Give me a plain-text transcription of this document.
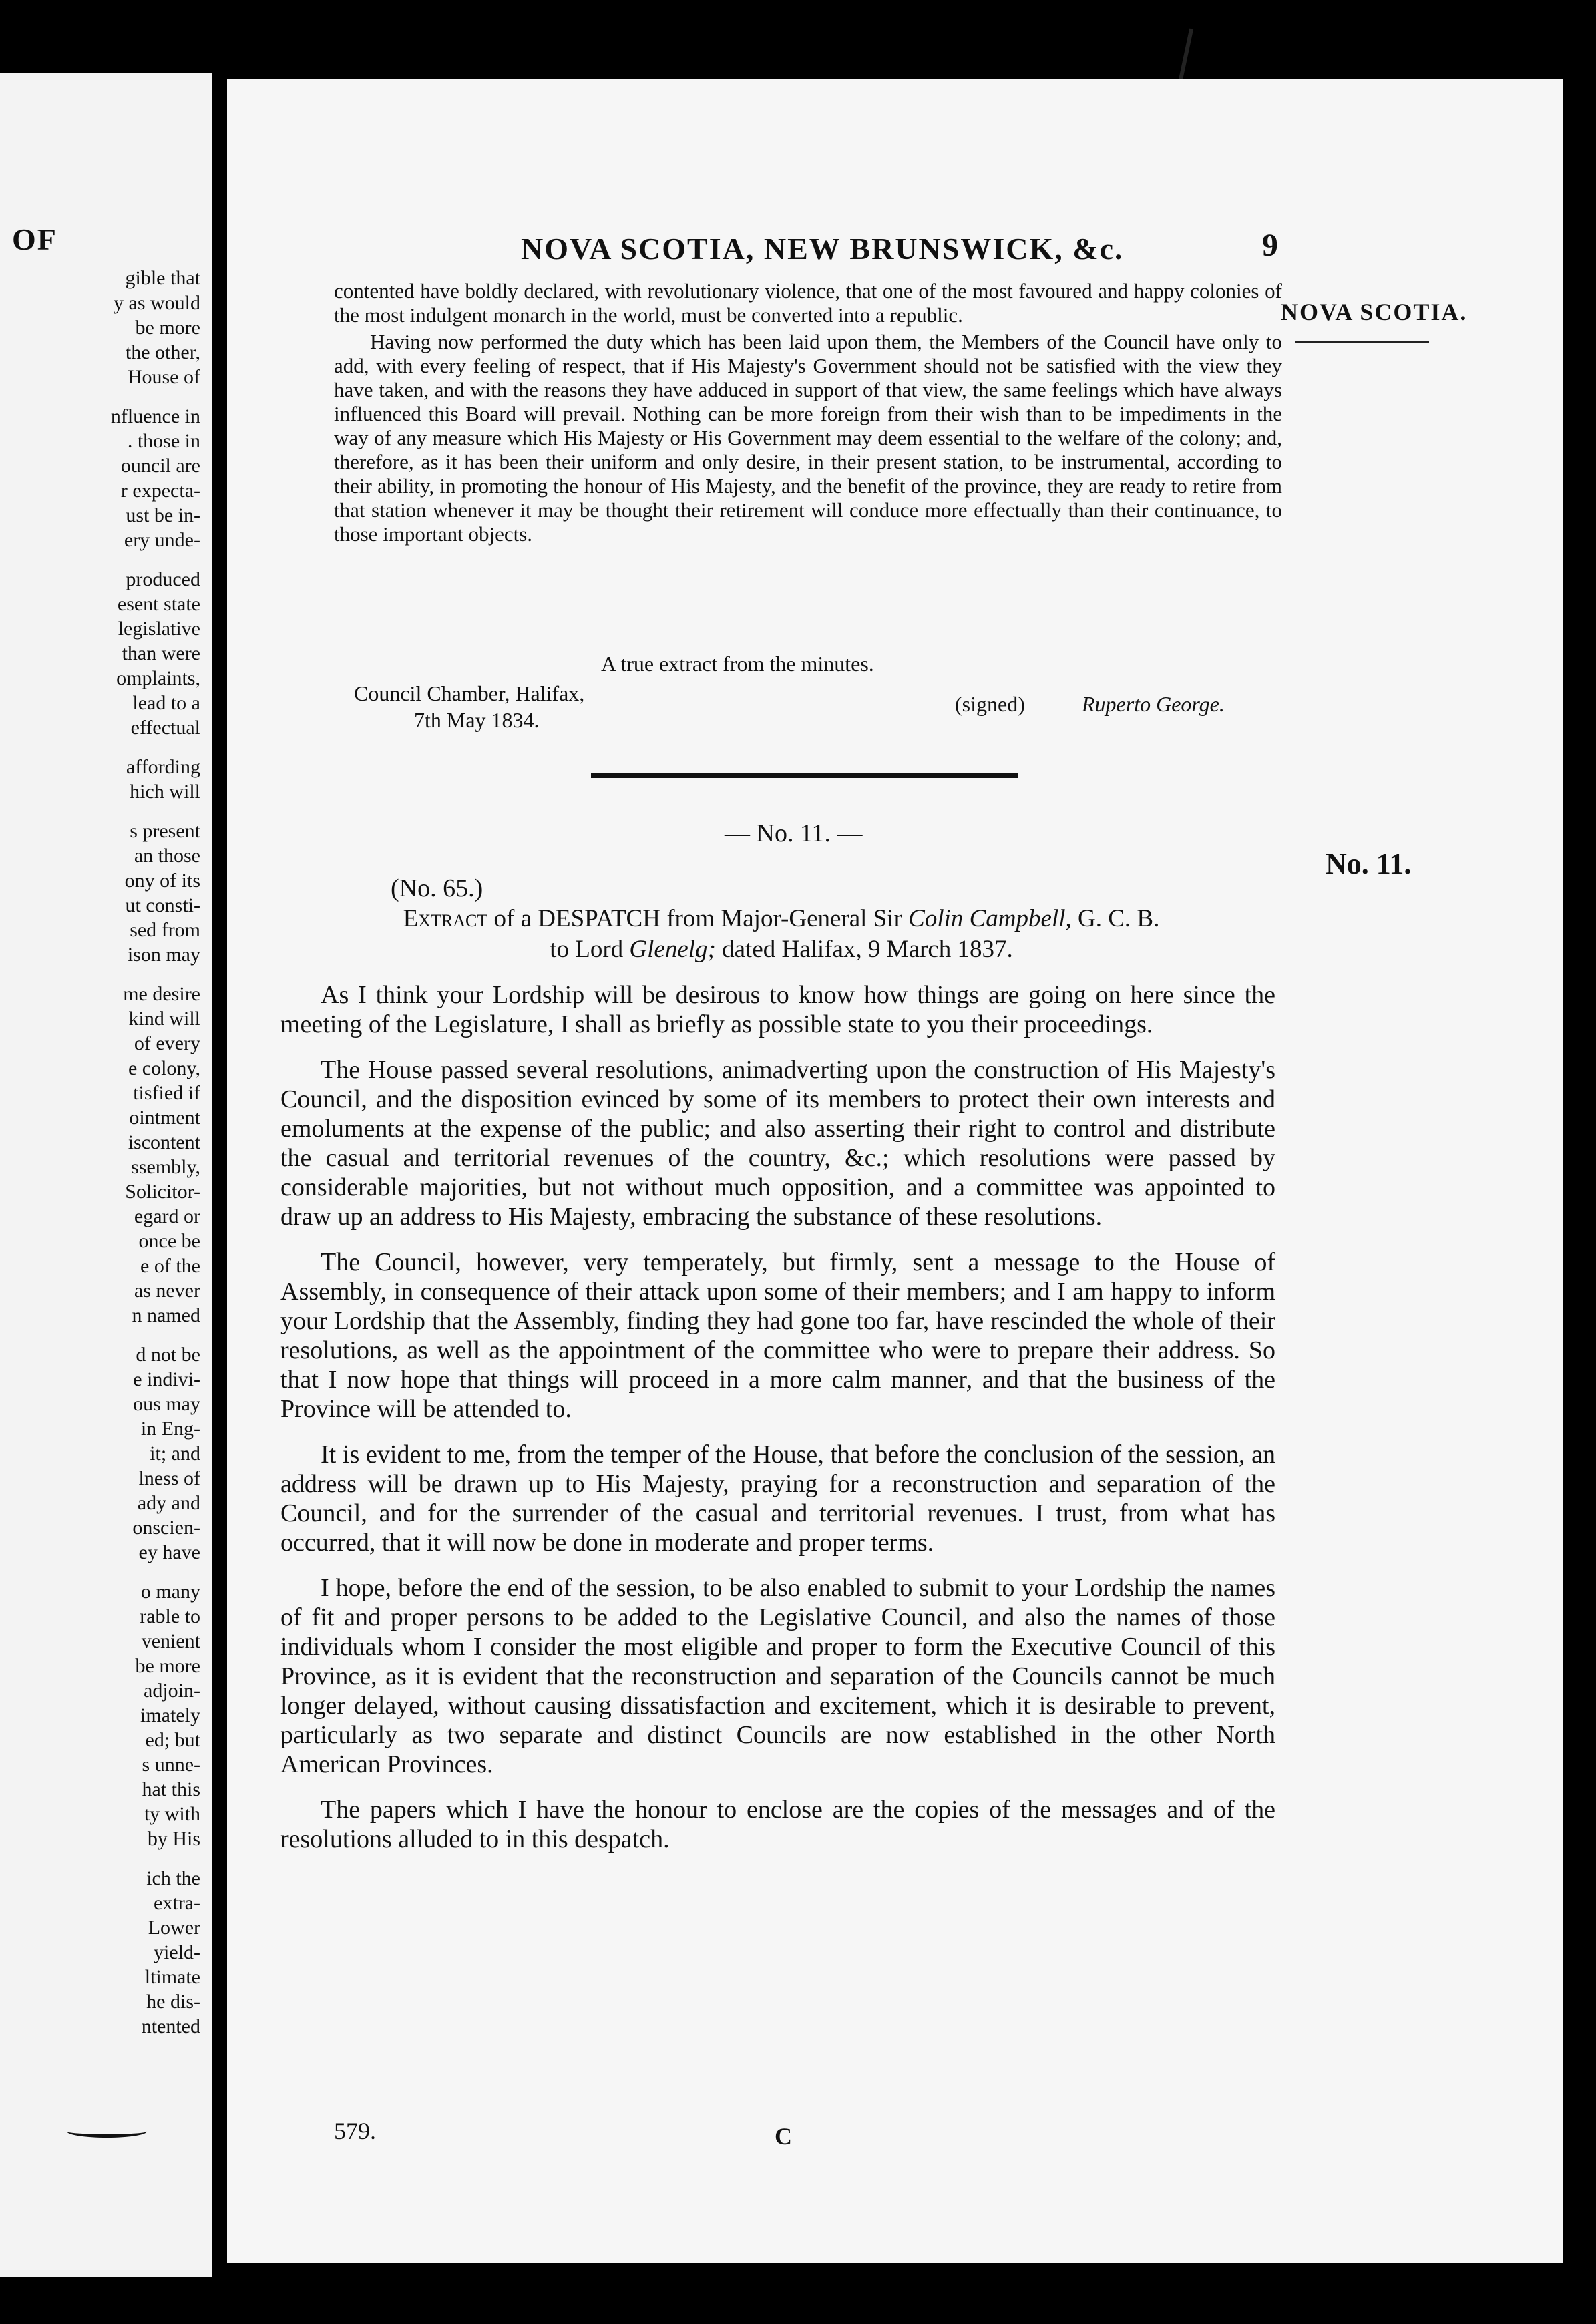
OF
gible that
y as would
be more
the other,
House of
nfluence in
. those in
ouncil are
r expecta-
ust be in-
ery unde-
produced
esent state
legislative
than were
omplaints,
lead to a
effectual
affording
hich will
s present
an those
ony of its
ut consti-
sed from
ison may
me desire
kind will
of every
e colony,
tisfied if
ointment
iscontent
ssembly,
Solicitor-
egard or
once be
e of the
as never
n named
d not be
e indivi-
ous may
in Eng-
it; and
lness of
ady and
onscien-
ey have
o many
rable to
venient
be more
adjoin-
imately
ed; but
s unne-
hat this
ty with
by His
ich the
extra-
Lower
yield-
ltimate
he dis-
ntented
NOVA SCOTIA, NEW BRUNSWICK, &c.	9
NOVA SCOTIA.

contented have boldly declared, with revolutionary violence, that one of the most favoured and happy colonies of the most indulgent monarch in the world, must be converted into a republic.

Having now performed the duty which has been laid upon them, the Members of the Council have only to add, with every feeling of respect, that if His Majesty's Government should not be satisfied with the view they have taken, and with the reasons they have adduced in support of that view, the same feelings which have always influenced this Board will prevail. Nothing can be more foreign from their wish than to be impediments in the way of any measure which His Majesty or His Government may deem essential to the welfare of the colony; and, therefore, as it has been their uniform and only desire, in their present station, to be instrumental, according to their ability, in promoting the honour of His Majesty, and the benefit of the province, they are ready to retire from that station whenever it may be thought their retirement will conduce more effectually than their continuance, to those important objects.

A true extract from the minutes.
Council Chamber, Halifax,
7th May 1834.
(signed)	Ruperto George.
— No. 11. —
No. 11.
(No. 65.)
Extract of a DESPATCH from Major-General Sir Colin Campbell, G. C. B.
to Lord Glenelg; dated Halifax, 9 March 1837.

As I think your Lordship will be desirous to know how things are going on here since the meeting of the Legislature, I shall as briefly as possible state to you their proceedings.

The House passed several resolutions, animadverting upon the construction of His Majesty's Council, and the disposition evinced by some of its members to protect their own interests and emoluments at the expense of the public; and also asserting their right to control and distribute the casual and territorial revenues of the country, &c.; which resolutions were passed by considerable majorities, but not without much opposition, and a committee was appointed to draw up an address to His Majesty, embracing the substance of these resolutions.

The Council, however, very temperately, but firmly, sent a message to the House of Assembly, in consequence of their attack upon some of their members; and I am happy to inform your Lordship that the Assembly, finding they had gone too far, have rescinded the whole of their resolutions, as well as the appointment of the committee who were to prepare their address. So that I now hope that things will proceed in a more calm manner, and that the business of the Province will be attended to.

It is evident to me, from the temper of the House, that before the conclusion of the session, an address will be drawn up to His Majesty, praying for a reconstruction and separation of the Council, and for the surrender of the casual and territorial revenues. I trust, from what has occurred, that it will now be done in moderate and proper terms.

I hope, before the end of the session, to be also enabled to submit to your Lordship the names of fit and proper persons to be added to the Legislative Council, and also the names of those individuals whom I consider the most eligible and proper to form the Executive Council of this Province, as it is evident that the reconstruction and separation of the Councils cannot be much longer delayed, without causing dissatisfaction and excitement, which it is desirable to prevent, particularly as two separate and distinct Councils are now established in the other North American Provinces.

The papers which I have the honour to enclose are the copies of the messages and of the resolutions alluded to in this despatch.

579.	C
